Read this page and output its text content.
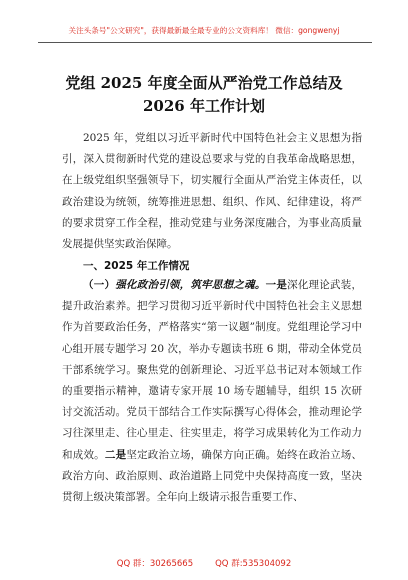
关注头条号"公文研究"，获得最新最全最专业的公文资料库！ 微信：gongwenyj
党组 2025 年度全面从严治党工作总结及
2026 年工作计划
2025 年，党组以习近平新时代中国特色社会主义思想为指引，深入贯彻新时代党的建设总要求与党的自我革命战略思想，在上级党组织坚强领导下，切实履行全面从严治党主体责任，以政治建设为统领，统筹推进思想、组织、作风、纪律建设，将严的要求贯穿工作全程，推动党建与业务深度融合，为事业高质量发展提供坚实政治保障。
一、2025 年工作情况
（一）强化政治引领，筑牢思想之魂。一是深化理论武装，提升政治素养。把学习贯彻习近平新时代中国特色社会主义思想作为首要政治任务，严格落实“第一议题”制度。党组理论学习中心组开展专题学习 20 次，举办专题读书班 6 期，带动全体党员干部系统学习。聚焦党的创新理论、习近平总书记对本领域工作的重要指示精神，邀请专家开展 10 场专题辅导，组织 15 次研讨交流活动。党员干部结合工作实际撰写心得体会，推动理论学习往深里走、往心里走、往实里走，将学习成果转化为工作动力和成效。二是坚定政治立场，确保方向正确。始终在政治立场、政治方向、政治原则、政治道路上同党中央保持高度一致，坚决贯彻上级决策部署。全年向上级请示报告重要工作、
QQ 群：30265665	QQ 群:535304092
